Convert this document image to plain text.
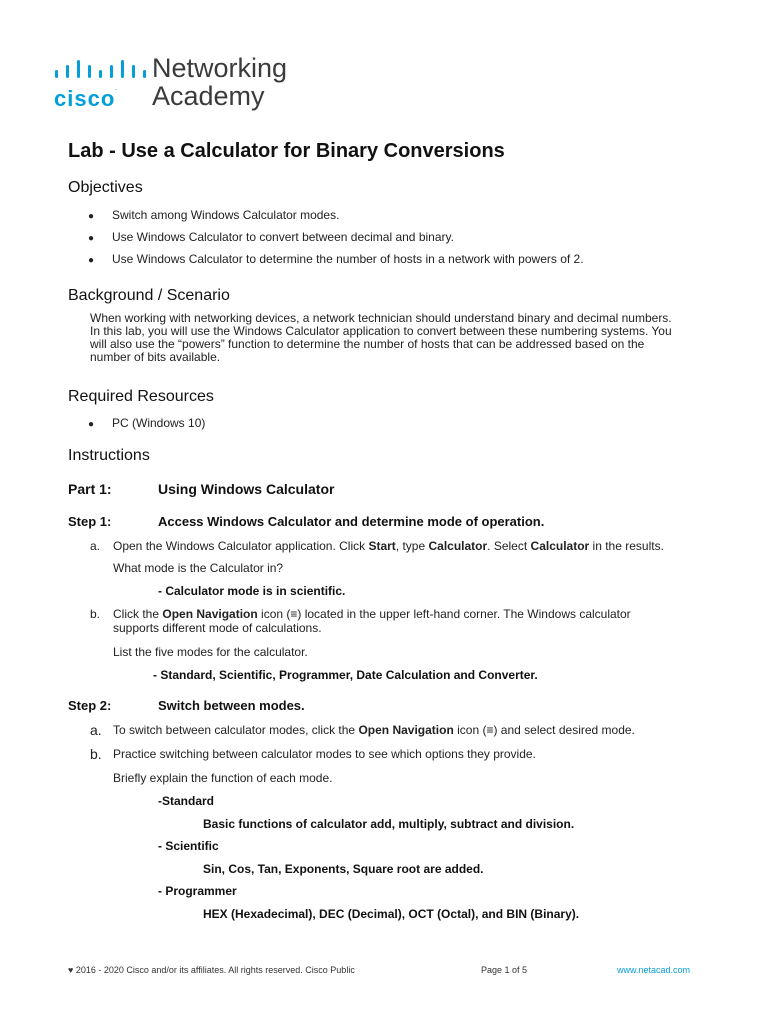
cisco.
Networking
Academy
Lab - Use a Calculator for Binary Conversions
Objectives
● Switch among Windows Calculator modes.
● Use Windows Calculator to convert between decimal and binary.
● Use Windows Calculator to determine the number of hosts in a network with powers of 2.
Background / Scenario
When working with networking devices, a network technician should understand binary and decimal numbers.
In this lab, you will use the Windows Calculator application to convert between these numbering systems. You
will also use the “powers” function to determine the number of hosts that can be addressed based on the
number of bits available.
Required Resources
● PC (Windows 10)
Instructions
Part 1:	Using Windows Calculator
Step 1:	Access Windows Calculator and determine mode of operation.
a. Open the Windows Calculator application. Click Start, type Calculator. Select Calculator in the results.
What mode is the Calculator in?
- Calculator mode is in scientific.
b. Click the Open Navigation icon (≡) located in the upper left-hand corner. The Windows calculator
supports different mode of calculations.
List the five modes for the calculator.
- Standard, Scientific, Programmer, Date Calculation and Converter.
Step 2:	Switch between modes.
a. To switch between calculator modes, click the Open Navigation icon (≡) and select desired mode.
b. Practice switching between calculator modes to see which options they provide.
Briefly explain the function of each mode.
-Standard
Basic functions of calculator add, multiply, subtract and division.
- Scientific
Sin, Cos, Tan, Exponents, Square root are added.
- Programmer
HEX (Hexadecimal), DEC (Decimal), OCT (Octal), and BIN (Binary).
♥ 2016 - 2020 Cisco and/or its affiliates. All rights reserved. Cisco Public	Page 1 of 5	www.netacad.com
